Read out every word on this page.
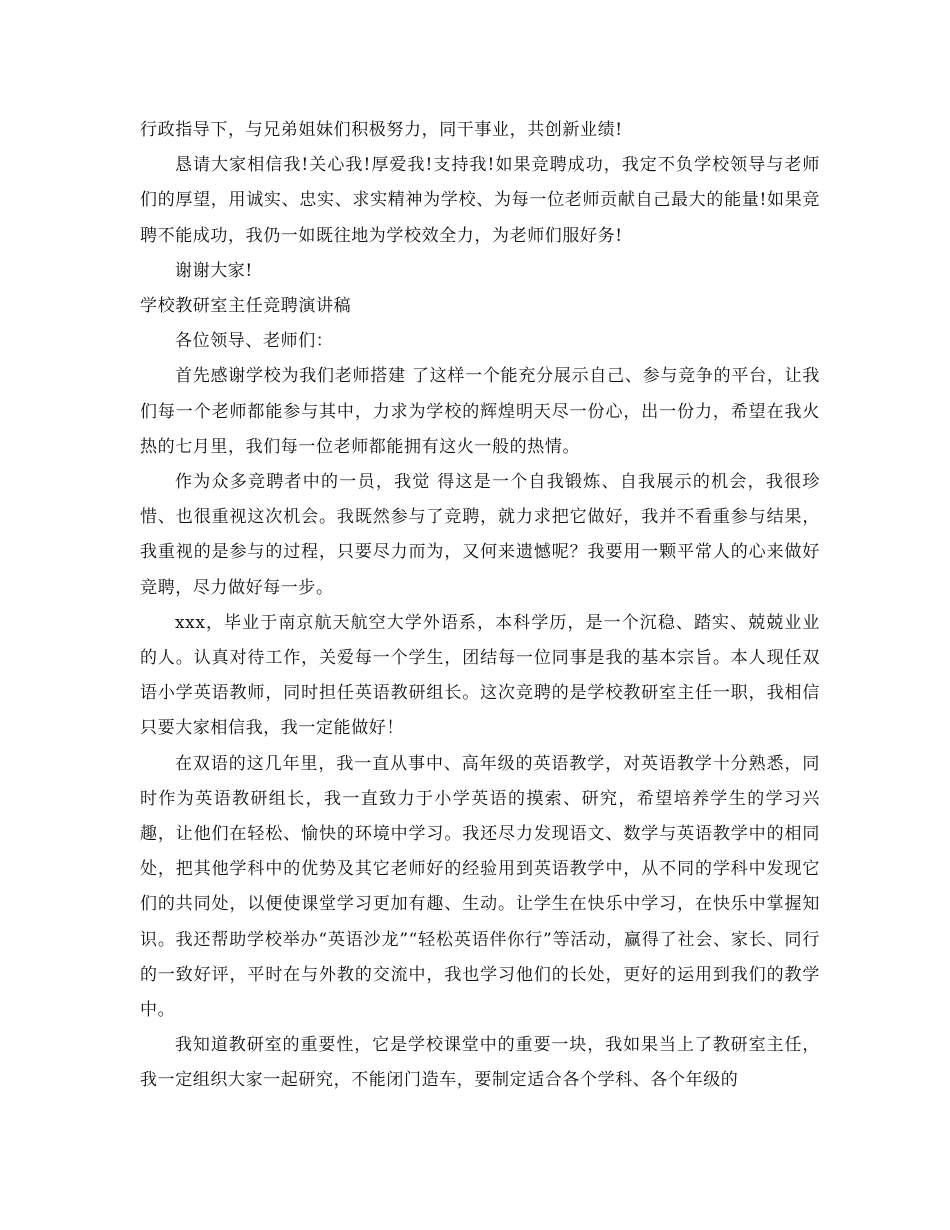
行政指导下，与兄弟姐妹们积极努力，同干事业，共创新业绩!

恳请大家相信我!关心我!厚爱我!支持我!如果竞聘成功，我定不负学校领导与老师们的厚望，用诚实、忠实、求实精神为学校、为每一位老师贡献自己最大的能量!如果竞聘不能成功，我仍一如既往地为学校效全力，为老师们服好务!

谢谢大家!

学校教研室主任竞聘演讲稿

各位领导、老师们：

首先感谢学校为我们老师搭建 了这样一个能充分展示自己、参与竞争的平台，让我们每一个老师都能参与其中，力求为学校的辉煌明天尽一份心，出一份力，希望在我火热的七月里，我们每一位老师都能拥有这火一般的热情。

作为众多竞聘者中的一员，我觉 得这是一个自我锻炼、自我展示的机会，我很珍惜、也很重视这次机会。我既然参与了竞聘，就力求把它做好，我并不看重参与结果，我重视的是参与的过程，只要尽力而为，又何来遗憾呢？我要用一颗平常人的心来做好竞聘，尽力做好每一步。

xxx，毕业于南京航天航空大学外语系，本科学历，是一个沉稳、踏实、兢兢业业的人。认真对待工作，关爱每一个学生，团结每一位同事是我的基本宗旨。本人现任双语小学英语教师，同时担任英语教研组长。这次竞聘的是学校教研室主任一职，我相信只要大家相信我，我一定能做好！

在双语的这几年里，我一直从事中、高年级的英语教学，对英语教学十分熟悉，同时作为英语教研组长，我一直致力于小学英语的摸索、研究，希望培养学生的学习兴趣，让他们在轻松、愉快的环境中学习。我还尽力发现语文、数学与英语教学中的相同处，把其他学科中的优势及其它老师好的经验用到英语教学中，从不同的学科中发现它们的共同处，以便使课堂学习更加有趣、生动。让学生在快乐中学习，在快乐中掌握知识。我还帮助学校举办“英语沙龙”“轻松英语伴你行”等活动，赢得了社会、家长、同行的一致好评，平时在与外教的交流中，我也学习他们的长处，更好的运用到我们的教学中。

我知道教研室的重要性，它是学校课堂中的重要一块，我如果当上了教研室主任，我一定组织大家一起研究，不能闭门造车，要制定适合各个学科、各个年级的
